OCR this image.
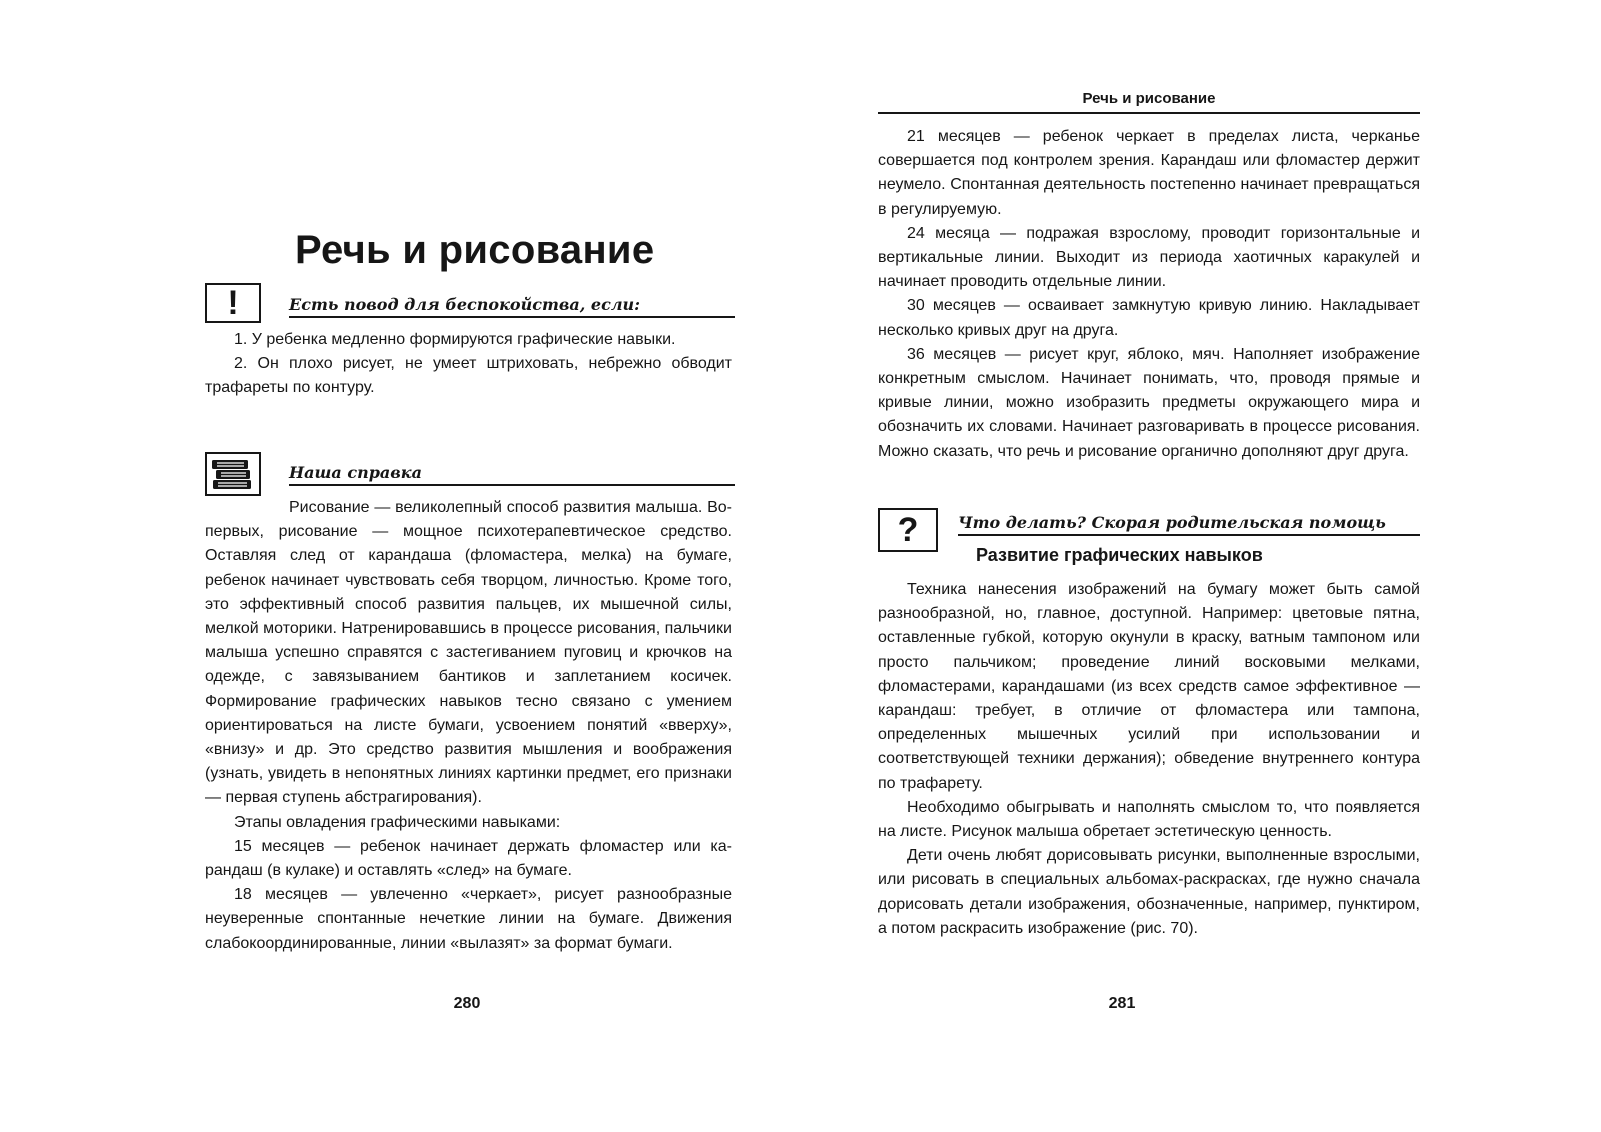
Речь и рисование
!	Есть повод для беспокойства, если:

1. У ребенка медленно формируются графические навыки.

2. Он плохо рисует, не умеет штриховать, небрежно обводит трафареты по контуру.

Наша справка

Рисование — великолепный способ развития малыша. Во-первых, рисование — мощное психотерапевтическое средство. Оставляя след от карандаша (фломастера, мелка) на бумаге, ребенок начинает чувствовать себя творцом, личностью. Кроме того, это эффективный способ развития пальцев, их мышечной силы, мелкой моторики. Натренировавшись в процессе рисования, пальчики малыша успешно справятся с застегиванием пуговиц и крючков на одежде, с завязыванием бантиков и заплетанием косичек. Формирование графических навыков тесно связано с умением ориентироваться на листе бумаги, усвоением понятий «вверху», «внизу» и др. Это средство развития мышления и воображения (узнать, увидеть в непонятных линиях картинки предмет, его признаки — первая ступень абстрагирования).

Этапы овладения графическими навыками:

15 месяцев — ребенок начинает держать фломастер или карандаш (в кулаке) и оставлять «след» на бумаге.

18 месяцев — увлеченно «черкает», рисует разнообразные неуверенные спонтанные нечеткие линии на бумаге. Движения слабокоординированные, линии «вылазят» за формат бумаги.

280
Речь и рисование

21 месяцев — ребенок черкает в пределах листа, черканье совершается под контролем зрения. Карандаш или фломастер держит неумело. Спонтанная деятельность постепенно начинает превращаться в регулируемую.

24 месяца — подражая взрослому, проводит горизонтальные и вертикальные линии. Выходит из периода хаотичных каракулей и начинает проводить отдельные линии.

30 месяцев — осваивает замкнутую кривую линию. Накладывает несколько кривых друг на друга.

36 месяцев — рисует круг, яблоко, мяч. Наполняет изображение конкретным смыслом. Начинает понимать, что, проводя прямые и кривые линии, можно изобразить предметы окружающего мира и обозначить их словами. Начинает разговаривать в процессе рисования. Можно сказать, что речь и рисование органично дополняют друг друга.

? Что делать? Скорая родительская помощь
Развитие графических навыков

Техника нанесения изображений на бумагу может быть самой разнообразной, но, главное, доступной. Например: цветовые пятна, оставленные губкой, которую окунули в краску, ватным тампоном или просто пальчиком; проведение линий восковыми мелками, фломастерами, карандашами (из всех средств самое эффективное — карандаш: требует, в отличие от фломастера или тампона, определенных мышечных усилий при использовании и соответствующей техники держания); обведение внутреннего контура по трафарету.

Необходимо обыгрывать и наполнять смыслом то, что появляется на листе. Рисунок малыша обретает эстетическую ценность.

Дети очень любят дорисовывать рисунки, выполненные взрослыми, или рисовать в специальных альбомах-раскрасках, где нужно сначала дорисовать детали изображения, обозначенные, например, пунктиром, а потом раскрасить изображение (рис. 70).

281
